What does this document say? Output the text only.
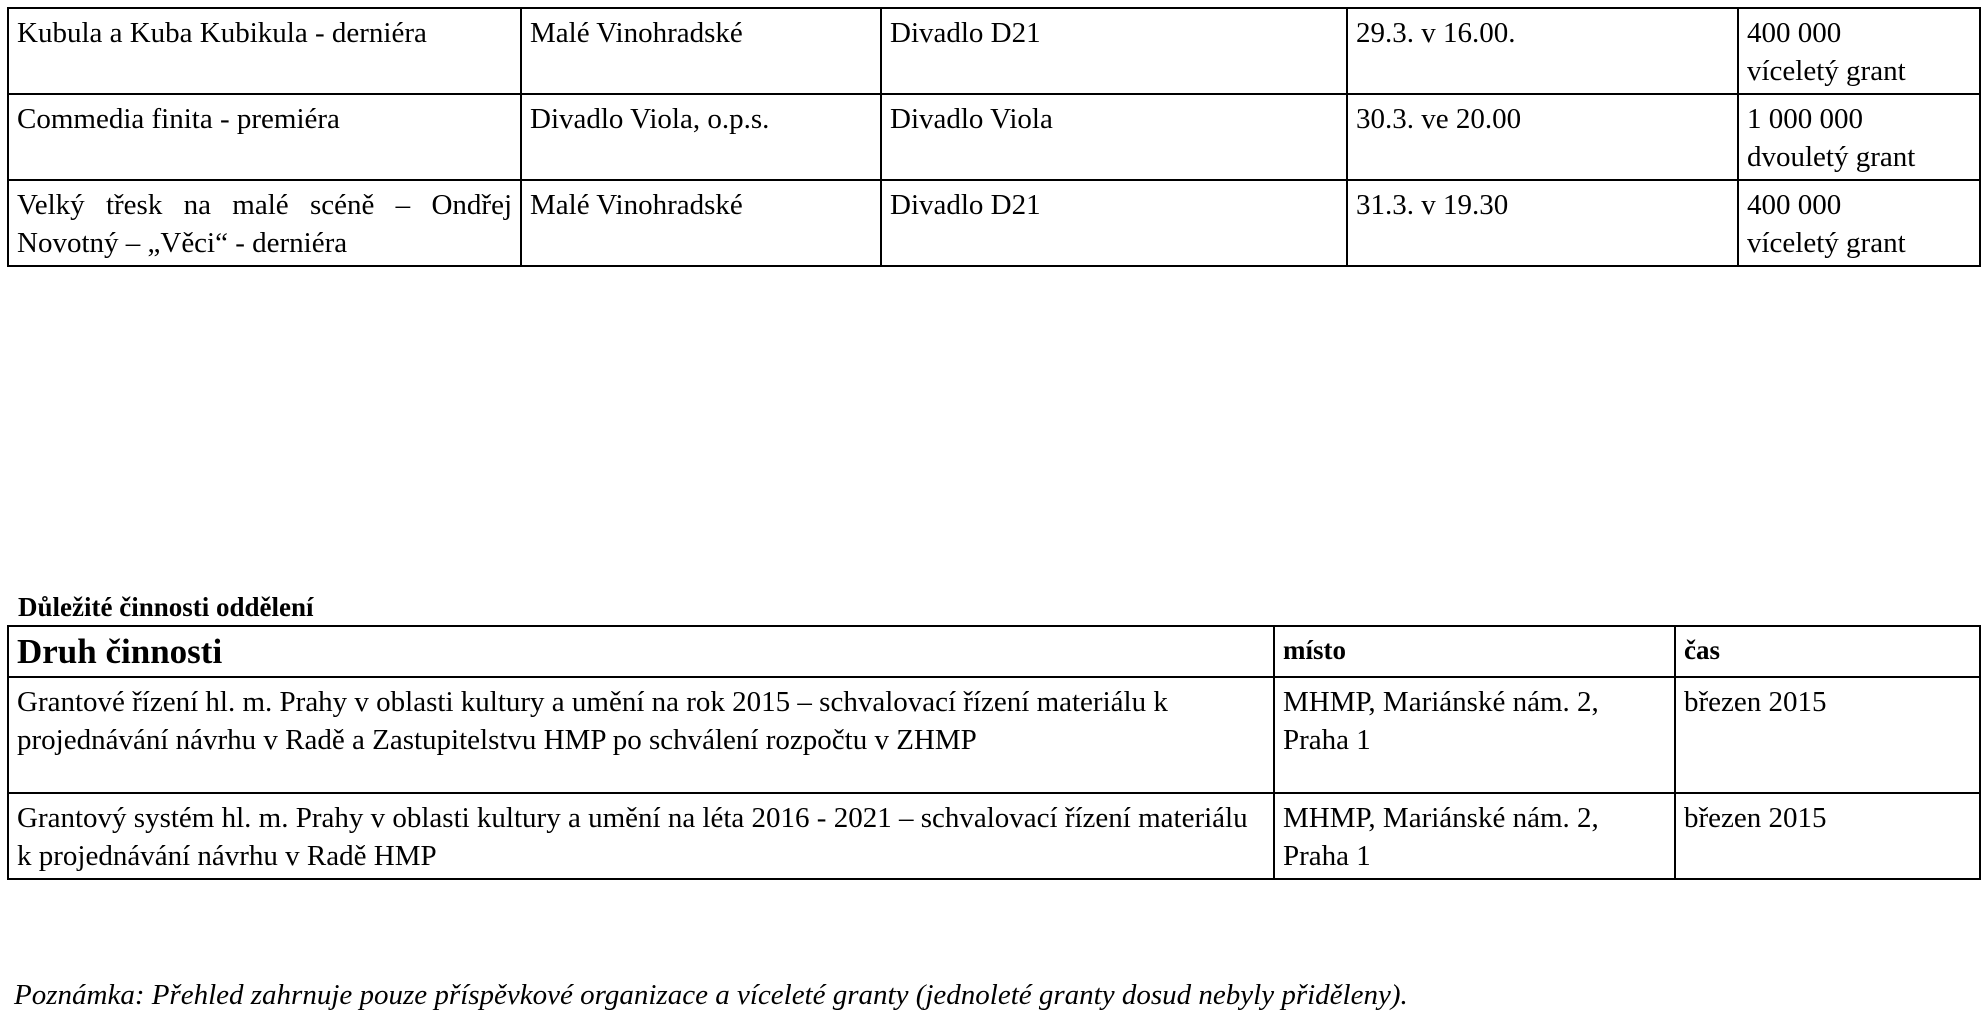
Kubula a Kuba Kubikula - derniéra	Malé Vinohradské	Divadlo D21	29.3. v 16.00.	400 000
víceletý grant

Commedia finita - premiéra	Divadlo Viola, o.p.s.	Divadlo Viola	30.3. ve 20.00	1 000 000
dvouletý grant

Velký třesk na malé scéně – Ondřej Novotný – „Věci“ - derniéra	Malé Vinohradské	Divadlo D21	31.3. v 19.30	400 000
víceletý grant
Důležité činnosti oddělení
Druh činnosti	místo	čas
Grantové řízení hl. m. Prahy v oblasti kultury a umění na rok 2015 – schvalovací řízení materiálu k projednávání návrhu v Radě a Zastupitelstvu HMP po schválení rozpočtu v ZHMP	MHMP, Mariánské nám. 2, Praha 1	březen 2015
Grantový systém hl. m. Prahy v oblasti kultury a umění na léta 2016 - 2021 – schvalovací řízení materiálu k projednávání návrhu v Radě HMP	MHMP, Mariánské nám. 2, Praha 1	březen 2015

Poznámka: Přehled zahrnuje pouze příspěvkové organizace a víceleté granty (jednoleté granty dosud nebyly přiděleny).
